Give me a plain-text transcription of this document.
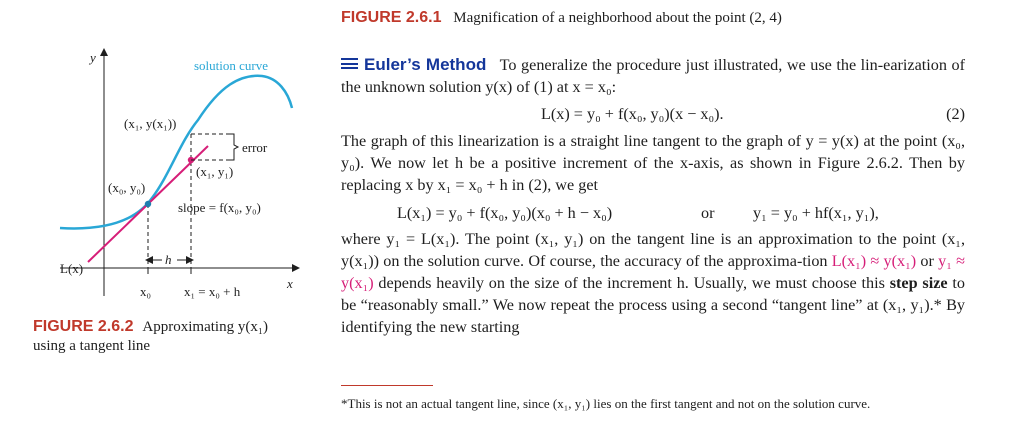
FIGURE 2.6.1 Magnification of a neighborhood about the point (2, 4)
y
x
solution curve
(x₁, y(x₁))
error
(x₁, y₁)
(x₀, y₀)
slope = f(x₀, y₀)
L(x)
h
x₀	x₁ = x₀ + h
FIGURE 2.6.2 Approximating y(x₁)
using a tangent line

Euler’s Method To generalize the procedure just illustrated, we use the lin-earization of the unknown solution y(x) of (1) at x = x₀:

L(x) = y₀ + f(x₀, y₀)(x − x₀).	(2)

The graph of this linearization is a straight line tangent to the graph of y = y(x) at the point (x₀, y₀). We now let h be a positive increment of the x-axis, as shown in Figure 2.6.2. Then by replacing x by x₁ = x₀ + h in (2), we get

L(x₁) = y₀ + f(x₀, y₀)(x₀ + h − x₀)	or y₁ = y₀ + hf(x₁, y₁),

where y₁ = L(x₁). The point (x₁, y₁) on the tangent line is an approximation to the point (x₁, y(x₁)) on the solution curve. Of course, the accuracy of the approxima-tion L(x₁) ≈ y(x₁) or y₁ ≈ y(x₁) depends heavily on the size of the increment h. Usually, we must choose this step size to be “reasonably small.” We now repeat the process using a second “tangent line” at (x₁, y₁).* By identifying the new starting

*This is not an actual tangent line, since (x₁, y₁) lies on the first tangent and not on the solution curve.
